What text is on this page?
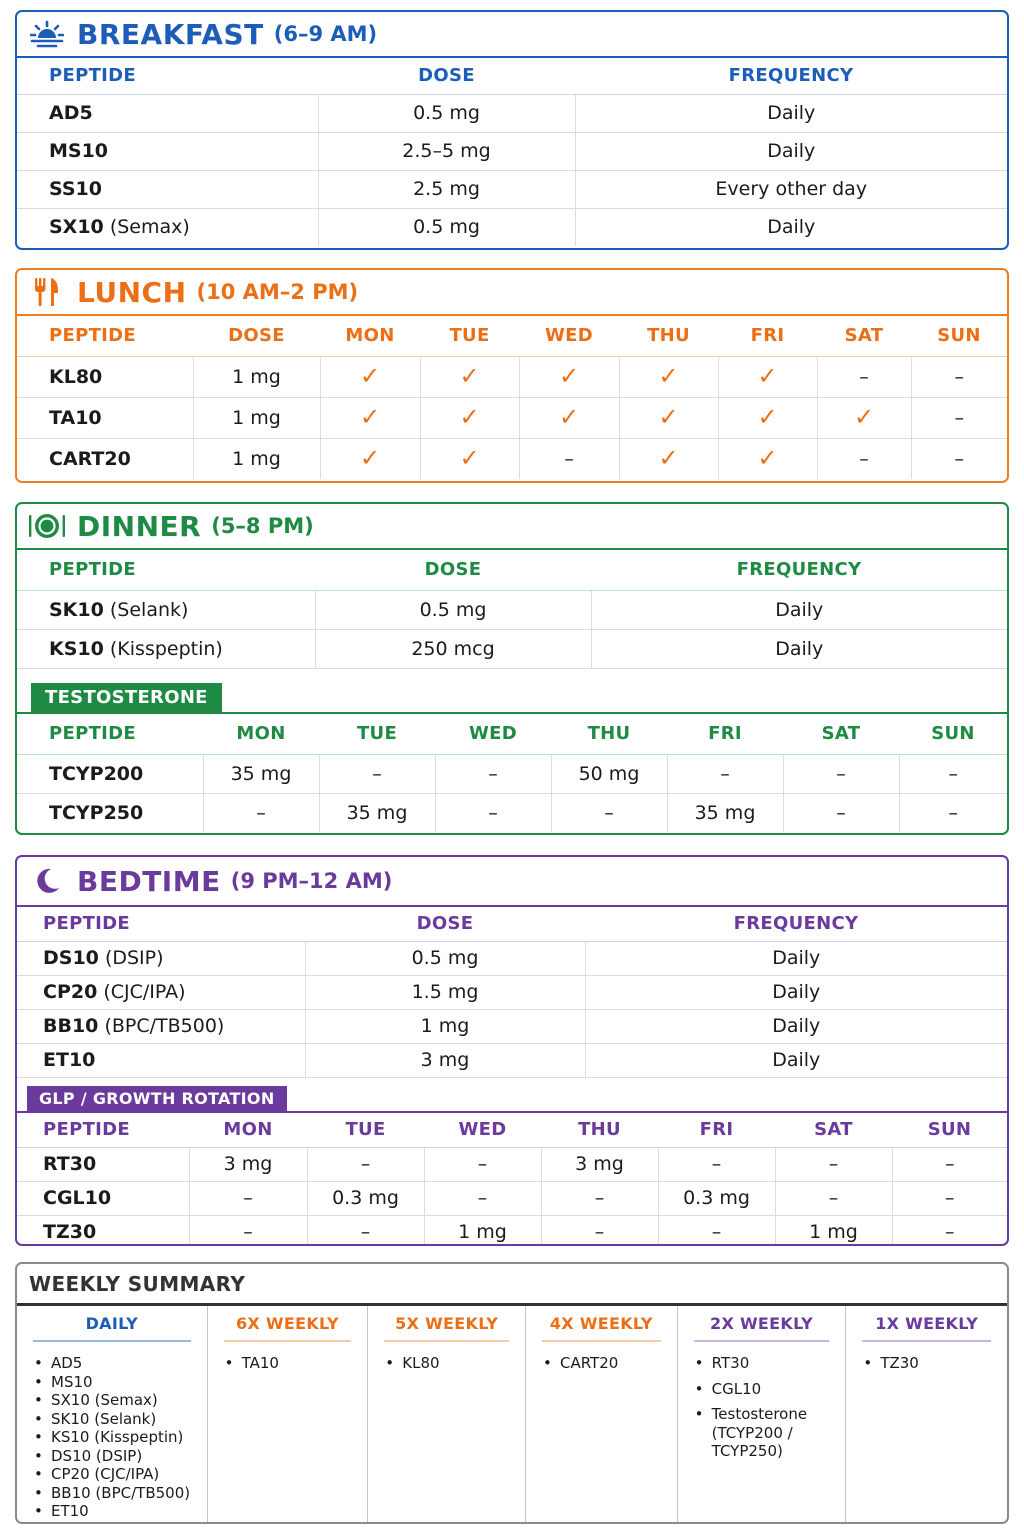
BREAKFAST (6–9 AM)
PEPTIDE	DOSE	FREQUENCY
AD5	0.5 mg	Daily
MS10	2.5–5 mg	Daily
SS10	2.5 mg	Every other day
SX10 (Semax)	0.5 mg	Daily
LUNCH (10 AM–2 PM)
PEPTIDE	DOSE	MON	TUE	WED	THU	FRI	SAT	SUN
KL80	1 mg	✓	✓	✓	✓	✓	–	–
TA10	1 mg	✓	✓	✓	✓	✓	✓	–
CART20	1 mg	✓	✓	–	✓	✓	–	–
DINNER (5–8 PM)
PEPTIDE	DOSE	FREQUENCY
SK10 (Selank)	0.5 mg	Daily
KS10 (Kisspeptin)	250 mcg	Daily
TESTOSTERONE
PEPTIDE	MON	TUE	WED	THU	FRI	SAT	SUN
TCYP200	35 mg	–	–	50 mg	–	–	–
TCYP250	–	35 mg	–	–	35 mg	–	–
BEDTIME (9 PM–12 AM)
PEPTIDE	DOSE	FREQUENCY
DS10 (DSIP)	0.5 mg	Daily
CP20 (CJC/IPA)	1.5 mg	Daily
BB10 (BPC/TB500)	1 mg	Daily
ET10	3 mg	Daily
GLP / GROWTH ROTATION
PEPTIDE	MON	TUE	WED	THU	FRI	SAT	SUN
RT30	3 mg	–	–	3 mg	–	–	–
CGL10	–	0.3 mg	–	–	0.3 mg	–	–
TZ30	–	–	1 mg	–	–	1 mg	–
WEEKLY SUMMARY
DAILY
• AD5
• MS10
• SX10 (Semax)
• SK10 (Selank)
• KS10 (Kisspeptin)
• DS10 (DSIP)
• CP20 (CJC/IPA)
• BB10 (BPC/TB500)
• ET10
6X WEEKLY
• TA10
5X WEEKLY
• KL80
4X WEEKLY
• CART20
2X WEEKLY
• RT30
• CGL10
• Testosterone (TCYP200 / TCYP250)
1X WEEKLY
• TZ30
